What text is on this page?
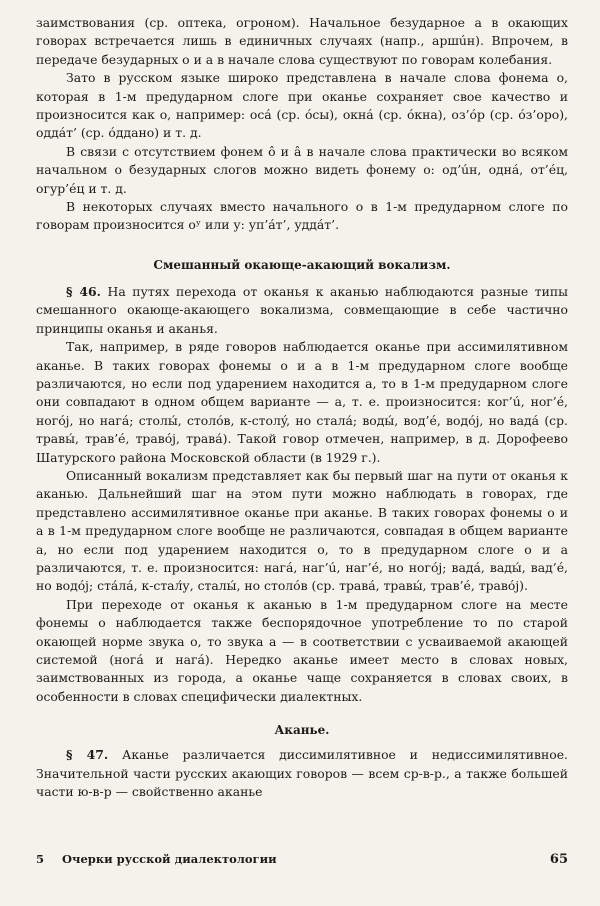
заимствования (ср. оптека, огроном). Начальное безударное а в окающих говорах встречается лишь в единичных случаях (напр., аршúн). Впрочем, в передаче безударных о и а в начале слова существуют по говорам колебания.

Зато в русском языке широко представлена в начале слова фонема о, которая в 1-м предударном слоге при оканье сохраняет свое качество и произносится как о, например: осá (ср. óсы), окнá (ср. óкна), оз’óр (ср. óз’оро), оддáт’ (ср. óддано) и т. д.

В связи с отсутствием фонем ô и â в начале слова практически во всяком начальном о безударных слогов можно видеть фонему о: од’úн, однá, от’éц, огур’éц и т. д.

В некоторых случаях вместо начального о в 1-м предударном слоге по говорам произносится оʸ или у: уп’áт’, уддáт’.

Смешанный окающе-акающий вокализм.

§ 46. На путях перехода от оканья к аканью наблюдаются разные типы смешанного окающе-акающего вокализма, совмещающие в себе частично принципы оканья и аканья.

Так, например, в ряде говоров наблюдается оканье при ассимилятивном аканье. В таких говорах фонемы о и а в 1-м предударном слоге вообще различаются, но если под ударением находится а, то в 1-м предударном слоге они совпадают в одном общем варианте — а, т. е. произносится: ког’ú, ног’é, ногóј, но нагá; столы́, столóв, к-столý, но стала́; воды́, вод’é, водóј, но вадá (ср. травы́, трав’é, травóј, трава́). Такой говор отмечен, например, в д. Дорофеево Шатурского района Московской области (в 1929 г.).

Описанный вокализм представляет как бы первый шаг на пути от оканья к аканью. Дальнейший шаг на этом пути можно наблюдать в говорах, где представлено ассимилятивное оканье при аканье. В таких говорах фонемы о и а в 1-м предударном слоге вообще не различаются, совпадая в общем варианте а, но если под ударением находится о, то в предударном слоге о и а различаются, т. е. произносится: нагá, наг’ú, наг’é, но ногóј; вадá, вады́, вад’é, но водóј; ста́лá, к-стал́у, сталы́, но столóв (ср. травá, травы́, трав’é, травóј).

При переходе от оканья к аканью в 1-м предударном слоге на месте фонемы о наблюдается также беспорядочное употребление то по старой окающей норме звука о, то звука а — в соответствии с усваиваемой акающей системой (ногá и нагá). Нередко аканье имеет место в словах новых, заимствованных из города, а оканье чаще сохраняется в словах своих, в особенности в словах специфически диалектных.

Аканье.

§ 47. Аканье различается диссимилятивное и недиссимилятивное. Значительной части русских акающих говоров — всем ср-в-р., а также большей части ю-в-р — свойственно аканье

5 Очерки русской диалектологии	65
